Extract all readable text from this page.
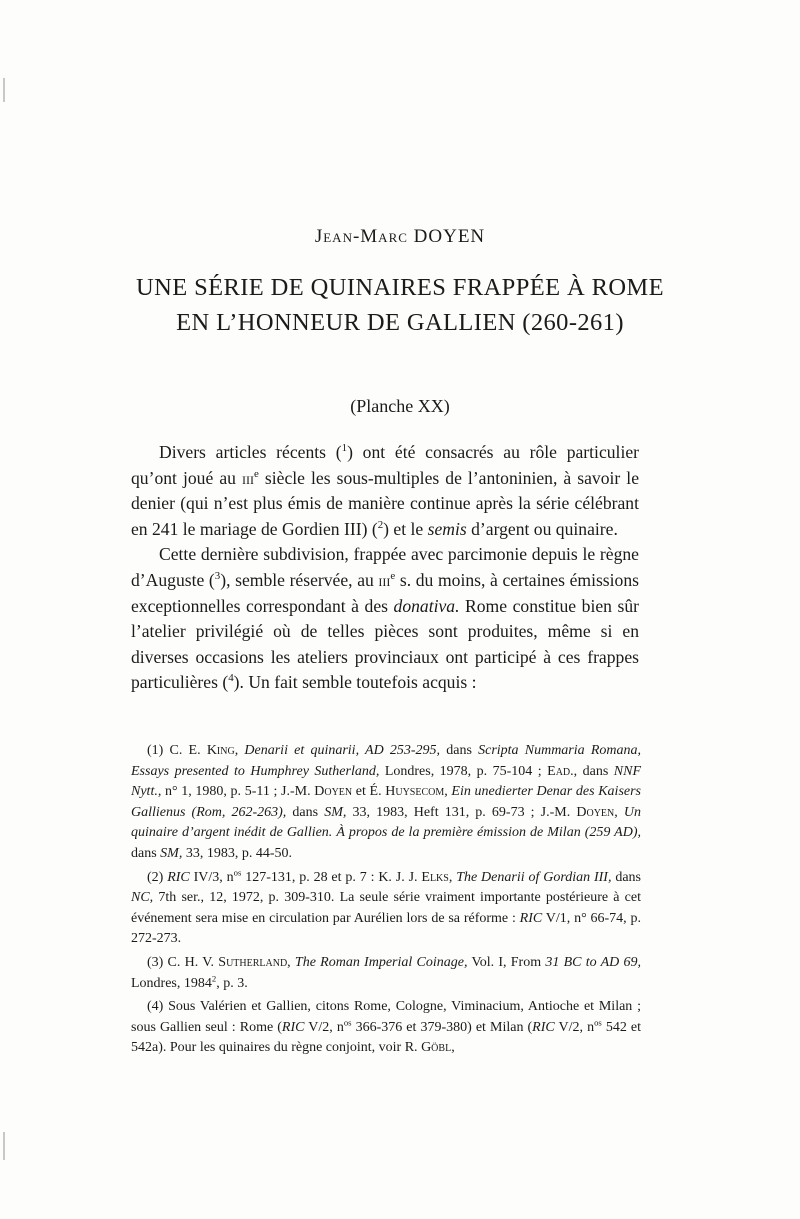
Jean-Marc DOYEN
UNE SÉRIE DE QUINAIRES FRAPPÉE À ROME
EN L’HONNEUR DE GALLIEN (260-261)
(Planche XX)

Divers articles récents ($^1$) ont été consacrés au rôle particulier qu’ont joué au iii$^e$ siècle les sous-multiples de l’antoninien, à savoir le denier (qui n’est plus émis de manière continue après la série célébrant en 241 le mariage de Gordien III) ($^2$) et le semis d’argent ou quinaire.

Cette dernière subdivision, frappée avec parcimonie depuis le règne d’Auguste ($^3$), semble réservée, au iii$^e$ s. du moins, à certaines émissions exceptionnelles correspondant à des donativa. Rome constitue bien sûr l’atelier privilégié où de telles pièces sont produites, même si en diverses occasions les ateliers provinciaux ont participé à ces frappes particulières ($^4$). Un fait semble toutefois acquis :

(1) C. E. King, Denarii et quinarii, AD 253-295, dans Scripta Nummaria Romana, Essays presented to Humphrey Sutherland, Londres, 1978, p. 75-104 ; Ead., dans NNF Nytt., n° 1, 1980, p. 5-11 ; J.-M. Doyen et É. Huysecom, Ein unedierter Denar des Kaisers Gallienus (Rom, 262-263), dans SM, 33, 1983, Heft 131, p. 69-73 ; J.-M. Doyen, Un quinaire d’argent inédit de Gallien. À propos de la première émission de Milan (259 AD), dans SM, 33, 1983, p. 44-50.

(2) RIC IV/3, $n^{os}$ 127-131, p. 28 et p. 7 : K. J. J. Elks, The Denarii of Gordian III, dans NC, 7th ser., 12, 1972, p. 309-310. La seule série vraiment importante postérieure à cet événement sera mise en circulation par Aurélien lors de sa réforme : RIC V/1, n° 66-74, p. 272-273.

(3) C. H. V. Sutherland, The Roman Imperial Coinage, Vol. I, From 31 BC to AD 69, Londres, 1984$^2$, p. 3.

(4) Sous Valérien et Gallien, citons Rome, Cologne, Viminacium, Antioche et Milan ; sous Gallien seul : Rome (RIC V/2, $n^{os}$ 366-376 et 379-380) et Milan (RIC V/2, $n^{os}$ 542 et 542a). Pour les quinaires du règne conjoint, voir R. Göbl,
